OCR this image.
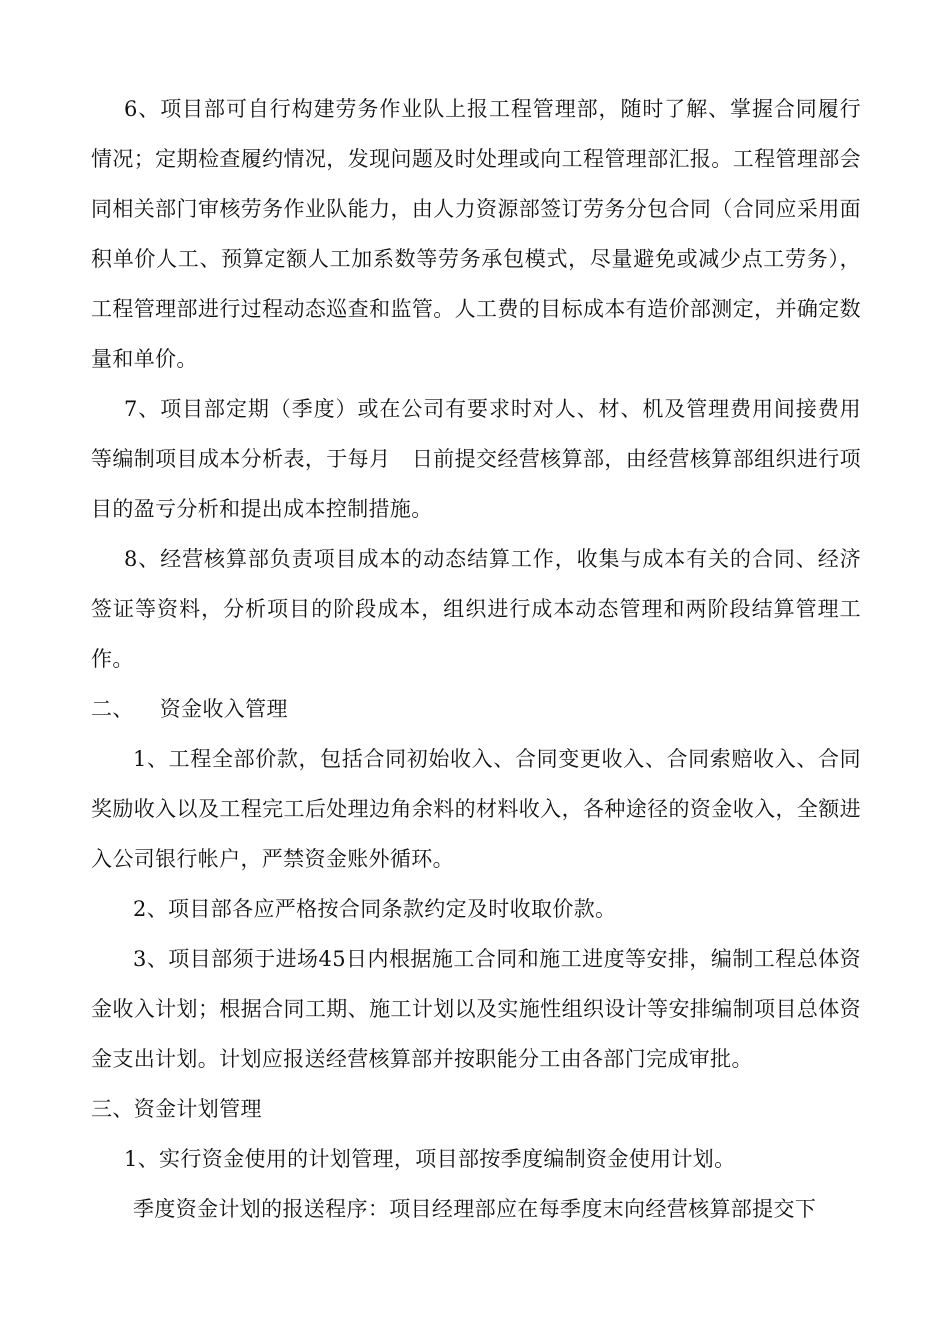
6、项目部可自行构建劳务作业队上报工程管理部，随时了解、掌握合同履行情况；定期检查履约情况，发现问题及时处理或向工程管理部汇报。工程管理部会同相关部门审核劳务作业队能力，由人力资源部签订劳务分包合同（合同应采用面积单价人工、预算定额人工加系数等劳务承包模式，尽量避免或减少点工劳务），工程管理部进行过程动态巡查和监管。人工费的目标成本有造价部测定，并确定数量和单价。

7、项目部定期（季度）或在公司有要求时对人、材、机及管理费用间接费用等编制项目成本分析表，于每月　日前提交经营核算部，由经营核算部组织进行项目的盈亏分析和提出成本控制措施。

8、经营核算部负责项目成本的动态结算工作，收集与成本有关的合同、经济签证等资料，分析项目的阶段成本，组织进行成本动态管理和两阶段结算管理工作。

二、 资金收入管理

1、工程全部价款，包括合同初始收入、合同变更收入、合同索赔收入、合同奖励收入以及工程完工后处理边角余料的材料收入，各种途径的资金收入，全额进入公司银行帐户，严禁资金账外循环。

2、项目部各应严格按合同条款约定及时收取价款。

3、项目部须于进场45日内根据施工合同和施工进度等安排，编制工程总体资金收入计划；根据合同工期、施工计划以及实施性组织设计等安排编制项目总体资金支出计划。计划应报送经营核算部并按职能分工由各部门完成审批。

三、资金计划管理

1、实行资金使用的计划管理，项目部按季度编制资金使用计划。

季度资金计划的报送程序：项目经理部应在每季度末向经营核算部提交下
